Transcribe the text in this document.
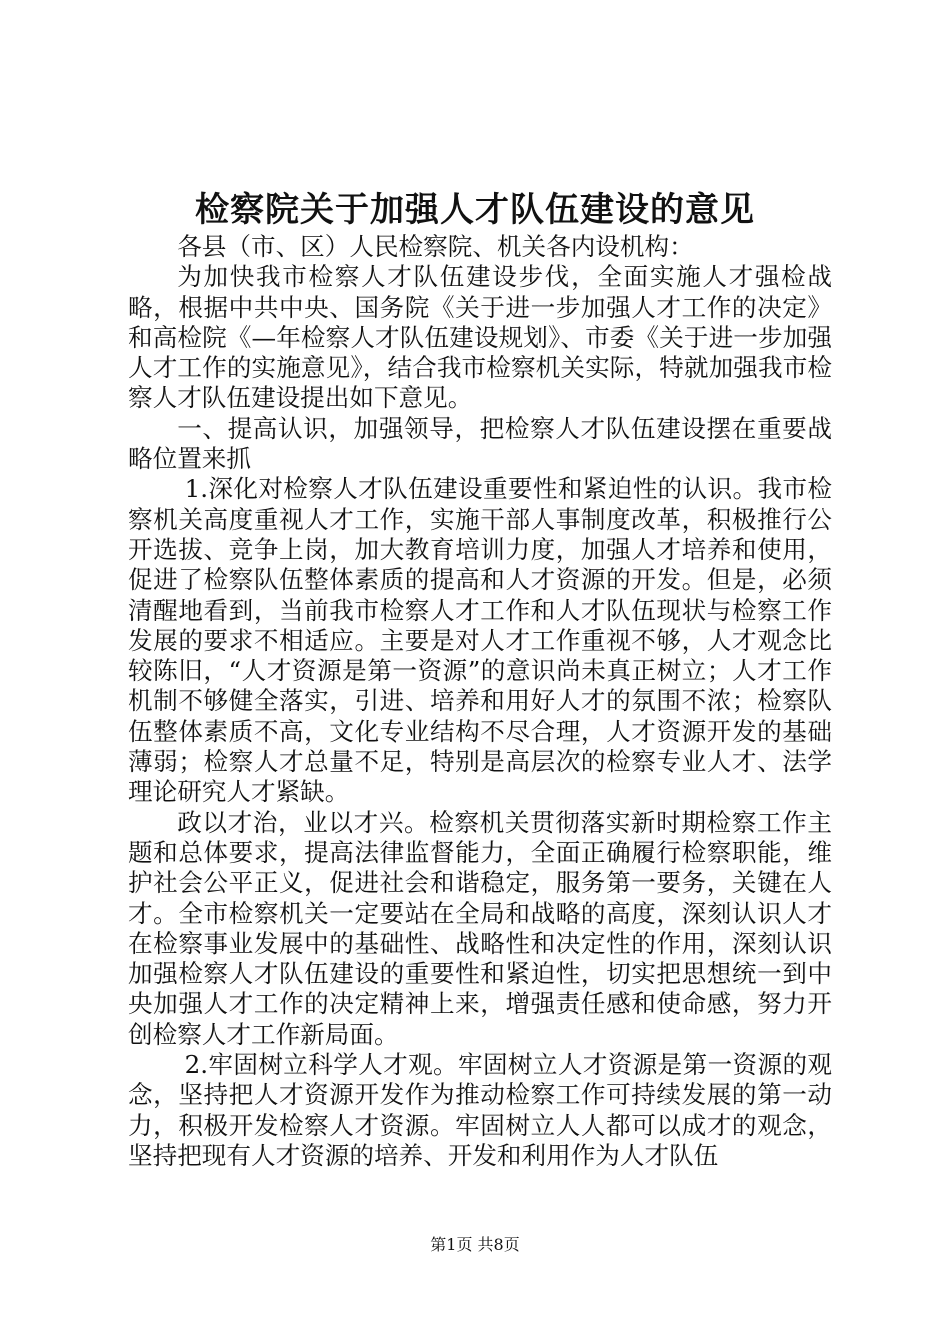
检察院关于加强人才队伍建设的意见

各县（市、区）人民检察院、机关各内设机构：

为加快我市检察人才队伍建设步伐，全面实施人才强检战略，根据中共中央、国务院《关于进一步加强人才工作的决定》和高检院《—年检察人才队伍建设规划》、市委《关于进一步加强人才工作的实施意见》，结合我市检察机关实际，特就加强我市检察人才队伍建设提出如下意见。

一、提高认识，加强领导，把检察人才队伍建设摆在重要战略位置来抓

1.深化对检察人才队伍建设重要性和紧迫性的认识。我市检察机关高度重视人才工作，实施干部人事制度改革，积极推行公开选拔、竞争上岗，加大教育培训力度，加强人才培养和使用，促进了检察队伍整体素质的提高和人才资源的开发。但是，必须清醒地看到，当前我市检察人才工作和人才队伍现状与检察工作发展的要求不相适应。主要是对人才工作重视不够，人才观念比较陈旧，“人才资源是第一资源”的意识尚未真正树立；人才工作机制不够健全落实，引进、培养和用好人才的氛围不浓；检察队伍整体素质不高，文化专业结构不尽合理，人才资源开发的基础薄弱；检察人才总量不足，特别是高层次的检察专业人才、法学理论研究人才紧缺。

政以才治，业以才兴。检察机关贯彻落实新时期检察工作主题和总体要求，提高法律监督能力，全面正确履行检察职能，维护社会公平正义，促进社会和谐稳定，服务第一要务，关键在人才。全市检察机关一定要站在全局和战略的高度，深刻认识人才在检察事业发展中的基础性、战略性和决定性的作用，深刻认识加强检察人才队伍建设的重要性和紧迫性，切实把思想统一到中央加强人才工作的决定精神上来，增强责任感和使命感，努力开创检察人才工作新局面。

2.牢固树立科学人才观。牢固树立人才资源是第一资源的观念，坚持把人才资源开发作为推动检察工作可持续发展的第一动力，积极开发检察人才资源。牢固树立人人都可以成才的观念，坚持把现有人才资源的培养、开发和利用作为人才队伍

第1页 共8页
